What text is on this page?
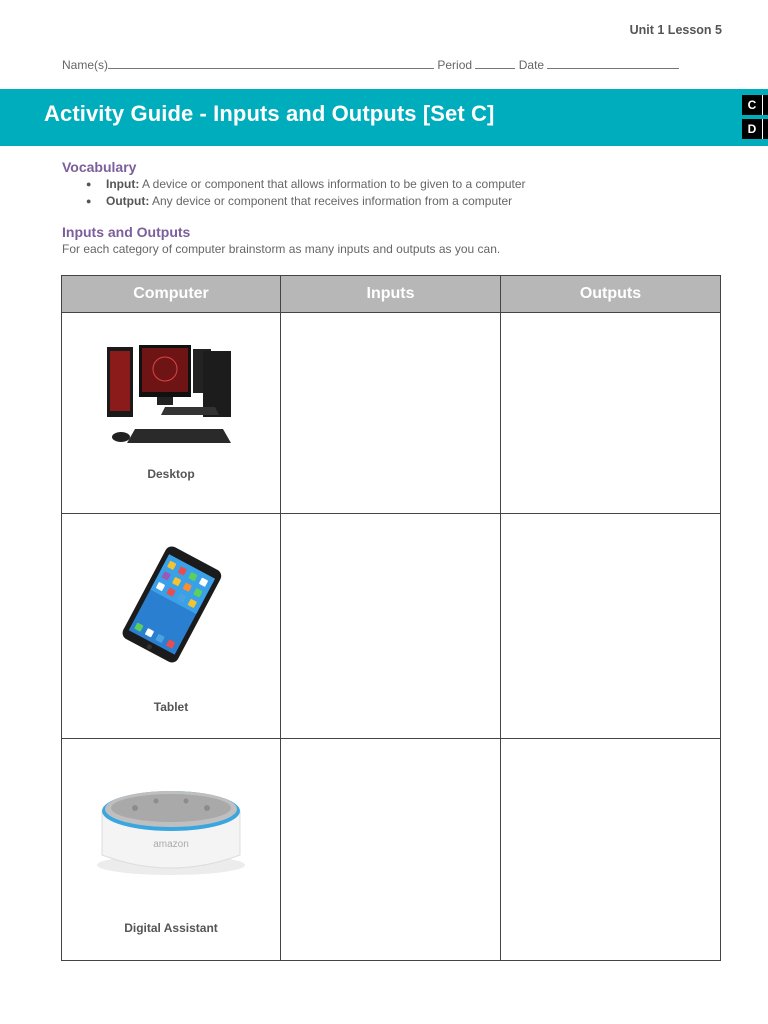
Unit 1 Lesson 5
Name(s)	Period	Date
Activity Guide - Inputs and Outputs [Set C]	C
D
Vocabulary
● Input: A device or component that allows information to be given to a computer
● Output: Any device or component that receives information from a computer
Inputs and Outputs
For each category of computer brainstorm as many inputs and outputs as you can.
Computer	Inputs	Outputs

Desktop		

Tablet		

amazon
Digital Assistant		
